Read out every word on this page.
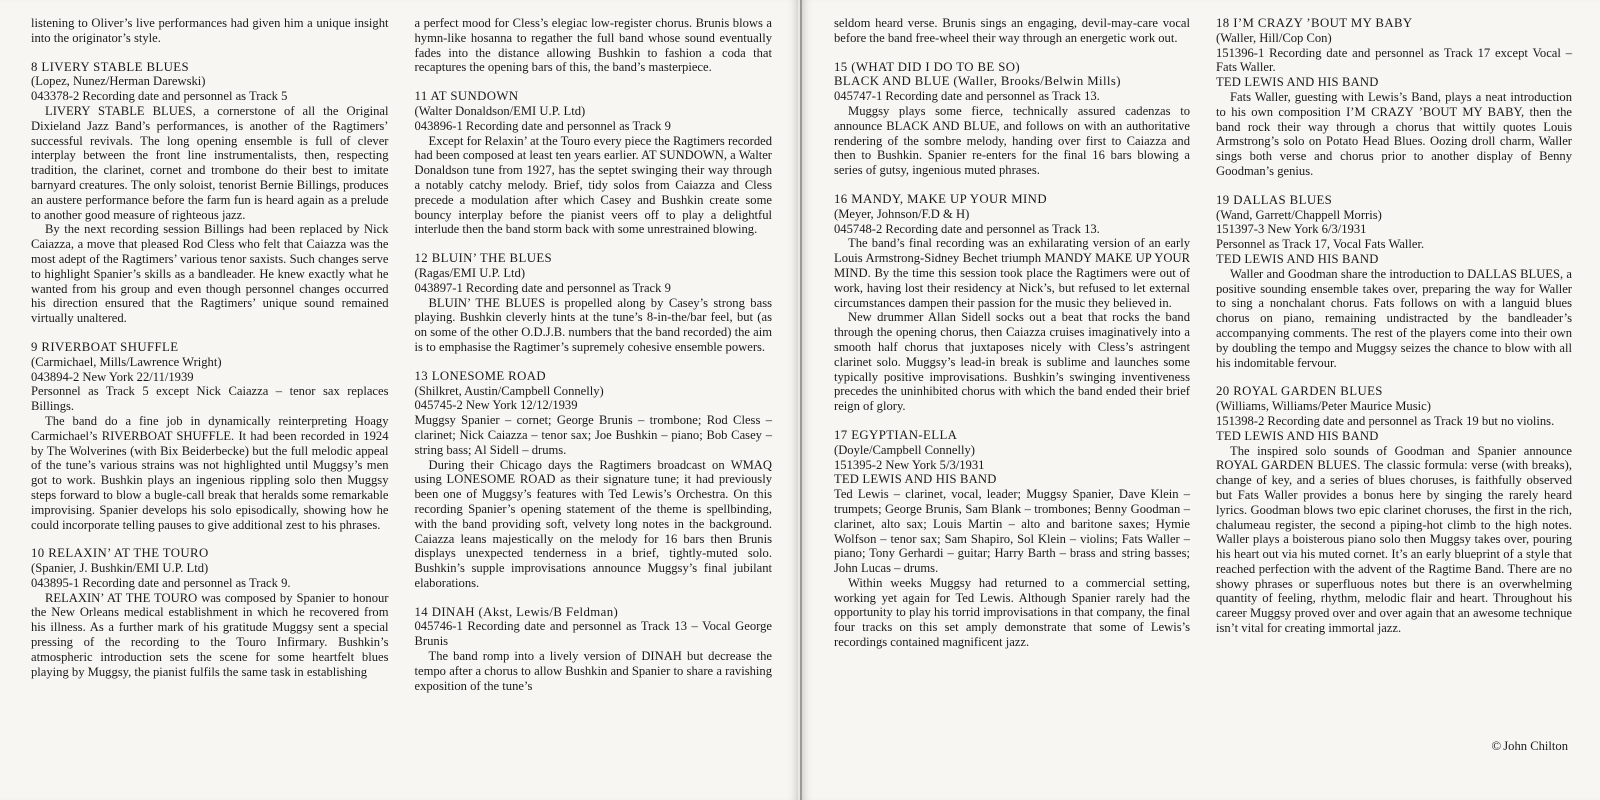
listening to Oliver’s live performances had given him a unique insight into the originator’s style.

8 LIVERY STABLE BLUES

(Lopez, Nunez/Herman Darewski)

043378-2 Recording date and personnel as Track 5

LIVERY STABLE BLUES, a cornerstone of all the Original Dixieland Jazz Band’s performances, is another of the Ragtimers’ successful revivals. The long opening ensemble is full of clever interplay between the front line instrumentalists, then, respecting tradition, the clarinet, cornet and trombone do their best to imitate barnyard creatures. The only soloist, tenorist Bernie Billings, produces an austere performance before the farm fun is heard again as a prelude to another good measure of righteous jazz.

By the next recording session Billings had been replaced by Nick Caiazza, a move that pleased Rod Cless who felt that Caiazza was the most adept of the Ragtimers’ various tenor saxists. Such changes serve to highlight Spanier’s skills as a bandleader. He knew exactly what he wanted from his group and even though personnel changes occurred his direction ensured that the Ragtimers’ unique sound remained virtually unaltered.

9 RIVERBOAT SHUFFLE

(Carmichael, Mills/Lawrence Wright)

043894-2 New York 22/11/1939

Personnel as Track 5 except Nick Caiazza – tenor sax replaces Billings.

The band do a fine job in dynamically reinterpreting Hoagy Carmichael’s RIVERBOAT SHUFFLE. It had been recorded in 1924 by The Wolverines (with Bix Beiderbecke) but the full melodic appeal of the tune’s various strains was not highlighted until Muggsy’s men got to work. Bushkin plays an ingenious rippling solo then Muggsy steps forward to blow a bugle-call break that heralds some remarkable improvising. Spanier develops his solo episodically, showing how he could incorporate telling pauses to give additional zest to his phrases.

10 RELAXIN’ AT THE TOURO

(Spanier, J. Bushkin/EMI U.P. Ltd)

043895-1 Recording date and personnel as Track 9.

RELAXIN’ AT THE TOURO was composed by Spanier to honour the New Orleans medical establishment in which he recovered from his illness. As a further mark of his gratitude Muggsy sent a special pressing of the recording to the Touro Infirmary. Bushkin’s atmospheric introduction sets the scene for some heartfelt blues playing by Muggsy, the pianist fulfils the same task in establishing

a perfect mood for Cless’s elegiac low-register chorus. Brunis blows a hymn-like hosanna to regather the full band whose sound eventually fades into the distance allowing Bushkin to fashion a coda that recaptures the opening bars of this, the band’s masterpiece.

11 AT SUNDOWN

(Walter Donaldson/EMI U.P. Ltd)

043896-1 Recording date and personnel as Track 9

Except for Relaxin’ at the Touro every piece the Ragtimers recorded had been composed at least ten years earlier. AT SUNDOWN, a Walter Donaldson tune from 1927, has the septet swinging their way through a notably catchy melody. Brief, tidy solos from Caiazza and Cless precede a modulation after which Casey and Bushkin create some bouncy interplay before the pianist veers off to play a delightful interlude then the band storm back with some unrestrained blowing.

12 BLUIN’ THE BLUES

(Ragas/EMI U.P. Ltd)

043897-1 Recording date and personnel as Track 9

BLUIN’ THE BLUES is propelled along by Casey’s strong bass playing. Bushkin cleverly hints at the tune’s 8-in-the/bar feel, but (as on some of the other O.D.J.B. numbers that the band recorded) the aim is to emphasise the Ragtimer’s supremely cohesive ensemble powers.

13 LONESOME ROAD

(Shilkret, Austin/Campbell Connelly)

045745-2 New York 12/12/1939

Muggsy Spanier – cornet; George Brunis – trombone; Rod Cless – clarinet; Nick Caiazza – tenor sax; Joe Bushkin – piano; Bob Casey – string bass; Al Sidell – drums.

During their Chicago days the Ragtimers broadcast on WMAQ using LONESOME ROAD as their signature tune; it had previously been one of Muggsy’s features with Ted Lewis’s Orchestra. On this recording Spanier’s opening statement of the theme is spellbinding, with the band providing soft, velvety long notes in the background. Caiazza leans majestically on the melody for 16 bars then Brunis displays unexpected tenderness in a brief, tightly-muted solo. Bushkin’s supple improvisations announce Muggsy’s final jubilant elaborations.

14 DINAH (Akst, Lewis/B Feldman)

045746-1 Recording date and personnel as Track 13 – Vocal George Brunis

The band romp into a lively version of DINAH but decrease the tempo after a chorus to allow Bushkin and Spanier to share a ravishing exposition of the tune’s

seldom heard verse. Brunis sings an engaging, devil-may-care vocal before the band free-wheel their way through an energetic work out.

15 (WHAT DID I DO TO BE SO)

BLACK AND BLUE (Waller, Brooks/Belwin Mills)

045747-1 Recording date and personnel as Track 13.

Muggsy plays some fierce, technically assured cadenzas to announce BLACK AND BLUE, and follows on with an authoritative rendering of the sombre melody, handing over first to Caiazza and then to Bushkin. Spanier re-enters for the final 16 bars blowing a series of gutsy, ingenious muted phrases.

16 MANDY, MAKE UP YOUR MIND

(Meyer, Johnson/F.D & H)

045748-2 Recording date and personnel as Track 13.

The band’s final recording was an exhilarating version of an early Louis Armstrong-Sidney Bechet triumph MANDY MAKE UP YOUR MIND. By the time this session took place the Ragtimers were out of work, having lost their residency at Nick’s, but refused to let external circumstances dampen their passion for the music they believed in.

New drummer Allan Sidell socks out a beat that rocks the band through the opening chorus, then Caiazza cruises imaginatively into a smooth half chorus that juxtaposes nicely with Cless’s astringent clarinet solo. Muggsy’s lead-in break is sublime and launches some typically positive improvisations. Bushkin’s swinging inventiveness precedes the uninhibited chorus with which the band ended their brief reign of glory.

17 EGYPTIAN-ELLA

(Doyle/Campbell Connelly)

151395-2 New York 5/3/1931

TED LEWIS AND HIS BAND

Ted Lewis – clarinet, vocal, leader; Muggsy Spanier, Dave Klein – trumpets; George Brunis, Sam Blank – trombones; Benny Goodman – clarinet, alto sax; Louis Martin – alto and baritone saxes; Hymie Wolfson – tenor sax; Sam Shapiro, Sol Klein – violins; Fats Waller – piano; Tony Gerhardi – guitar; Harry Barth – brass and string basses; John Lucas – drums.

Within weeks Muggsy had returned to a commercial setting, working yet again for Ted Lewis. Although Spanier rarely had the opportunity to play his torrid improvisations in that company, the final four tracks on this set amply demonstrate that some of Lewis’s recordings contained magnificent jazz.

18 I’M CRAZY ’BOUT MY BABY

(Waller, Hill/Cop Con)

151396-1 Recording date and personnel as Track 17 except Vocal – Fats Waller.

TED LEWIS AND HIS BAND

Fats Waller, guesting with Lewis’s Band, plays a neat introduction to his own composition I’M CRAZY ’BOUT MY BABY, then the band rock their way through a chorus that wittily quotes Louis Armstrong’s solo on Potato Head Blues. Oozing droll charm, Waller sings both verse and chorus prior to another display of Benny Goodman’s genius.

19 DALLAS BLUES

(Wand, Garrett/Chappell Morris)

151397-3 New York 6/3/1931

Personnel as Track 17, Vocal Fats Waller.

TED LEWIS AND HIS BAND

Waller and Goodman share the introduction to DALLAS BLUES, a positive sounding ensemble takes over, preparing the way for Waller to sing a nonchalant chorus. Fats follows on with a languid blues chorus on piano, remaining undistracted by the bandleader’s accompanying comments. The rest of the players come into their own by doubling the tempo and Muggsy seizes the chance to blow with all his indomitable fervour.

20 ROYAL GARDEN BLUES

(Williams, Williams/Peter Maurice Music)

151398-2 Recording date and personnel as Track 19 but no violins.

TED LEWIS AND HIS BAND

The inspired solo sounds of Goodman and Spanier announce ROYAL GARDEN BLUES. The classic formula: verse (with breaks), change of key, and a series of blues choruses, is faithfully observed but Fats Waller provides a bonus here by singing the rarely heard lyrics. Goodman blows two epic clarinet choruses, the first in the rich, chalumeau register, the second a piping-hot climb to the high notes. Waller plays a boisterous piano solo then Muggsy takes over, pouring his heart out via his muted cornet. It’s an early blueprint of a style that reached perfection with the advent of the Ragtime Band. There are no showy phrases or superfluous notes but there is an overwhelming quantity of feeling, rhythm, melodic flair and heart. Throughout his career Muggsy proved over and over again that an awesome technique isn’t vital for creating immortal jazz.

© John Chilton
